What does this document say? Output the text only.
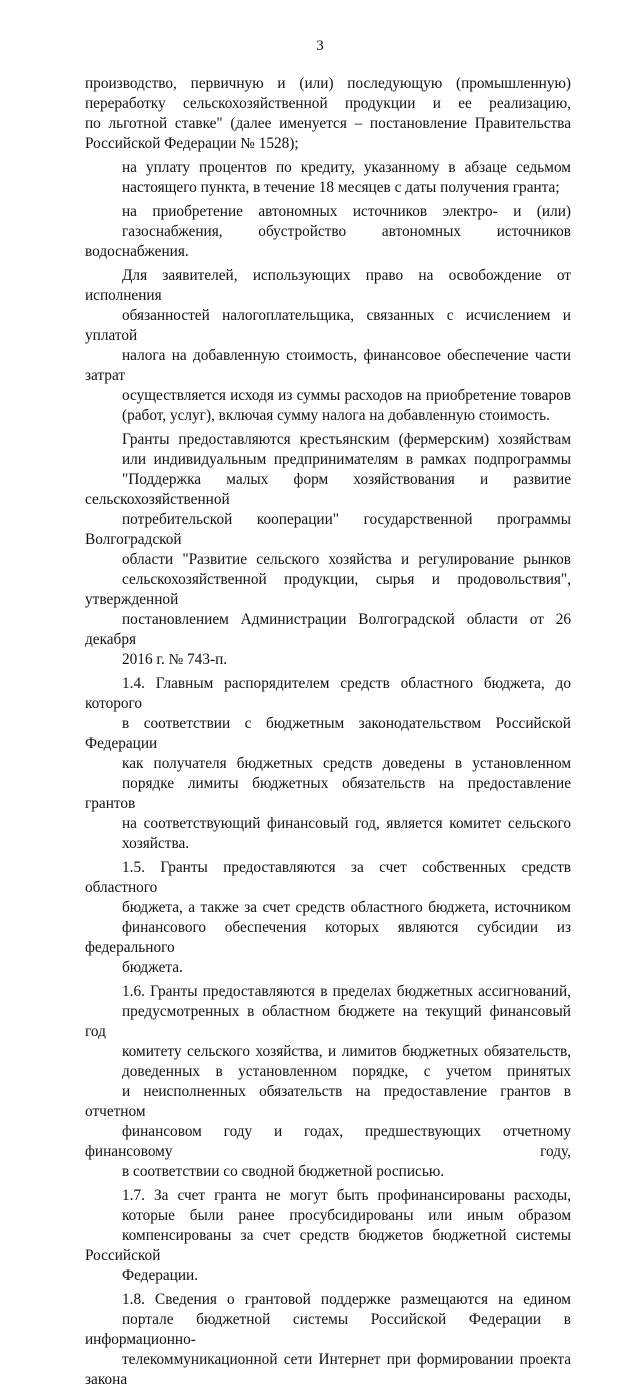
3

производство, первичную и (или) последующую (промышленную)
переработку сельскохозяйственной продукции и ее реализацию,
по льготной ставке" (далее именуется – постановление Правительства
Российской Федерации № 1528);

на уплату процентов по кредиту, указанному в абзаце седьмом
настоящего пункта, в течение 18 месяцев с даты получения гранта;

на приобретение автономных источников электро- и (или)
газоснабжения, обустройство автономных источников водоснабжения.

Для заявителей, использующих право на освобождение от исполнения
обязанностей налогоплательщика, связанных с исчислением и уплатой
налога на добавленную стоимость, финансовое обеспечение части затрат
осуществляется исходя из суммы расходов на приобретение товаров
(работ, услуг), включая сумму налога на добавленную стоимость.

Гранты предоставляются крестьянским (фермерским) хозяйствам
или индивидуальным предпринимателям в рамках подпрограммы
"Поддержка малых форм хозяйствования и развитие сельскохозяйственной
потребительской кооперации" государственной программы Волгоградской
области "Развитие сельского хозяйства и регулирование рынков
сельскохозяйственной продукции, сырья и продовольствия", утвержденной
постановлением Администрации Волгоградской области от 26 декабря
2016 г. № 743-п.

1.4. Главным распорядителем средств областного бюджета, до которого
в соответствии с бюджетным законодательством Российской Федерации
как получателя бюджетных средств доведены в установленном
порядке лимиты бюджетных обязательств на предоставление грантов
на соответствующий финансовый год, является комитет сельского
хозяйства.

1.5. Гранты предоставляются за счет собственных средств областного
бюджета, а также за счет средств областного бюджета, источником
финансового обеспечения которых являются субсидии из федерального
бюджета.

1.6. Гранты предоставляются в пределах бюджетных ассигнований,
предусмотренных в областном бюджете на текущий финансовый год
комитету сельского хозяйства, и лимитов бюджетных обязательств,
доведенных в установленном порядке, с учетом принятых
и неисполненных обязательств на предоставление грантов в отчетном
финансовом году и годах, предшествующих отчетному финансовому году,
в соответствии со сводной бюджетной росписью.

1.7. За счет гранта не могут быть профинансированы расходы,
которые были ранее просубсидированы или иным образом
компенсированы за счет средств бюджетов бюджетной системы Российской
Федерации.

1.8. Сведения о грантовой поддержке размещаются на едином
портале бюджетной системы Российской Федерации в информационно-
телекоммуникационной сети Интернет при формировании проекта закона
